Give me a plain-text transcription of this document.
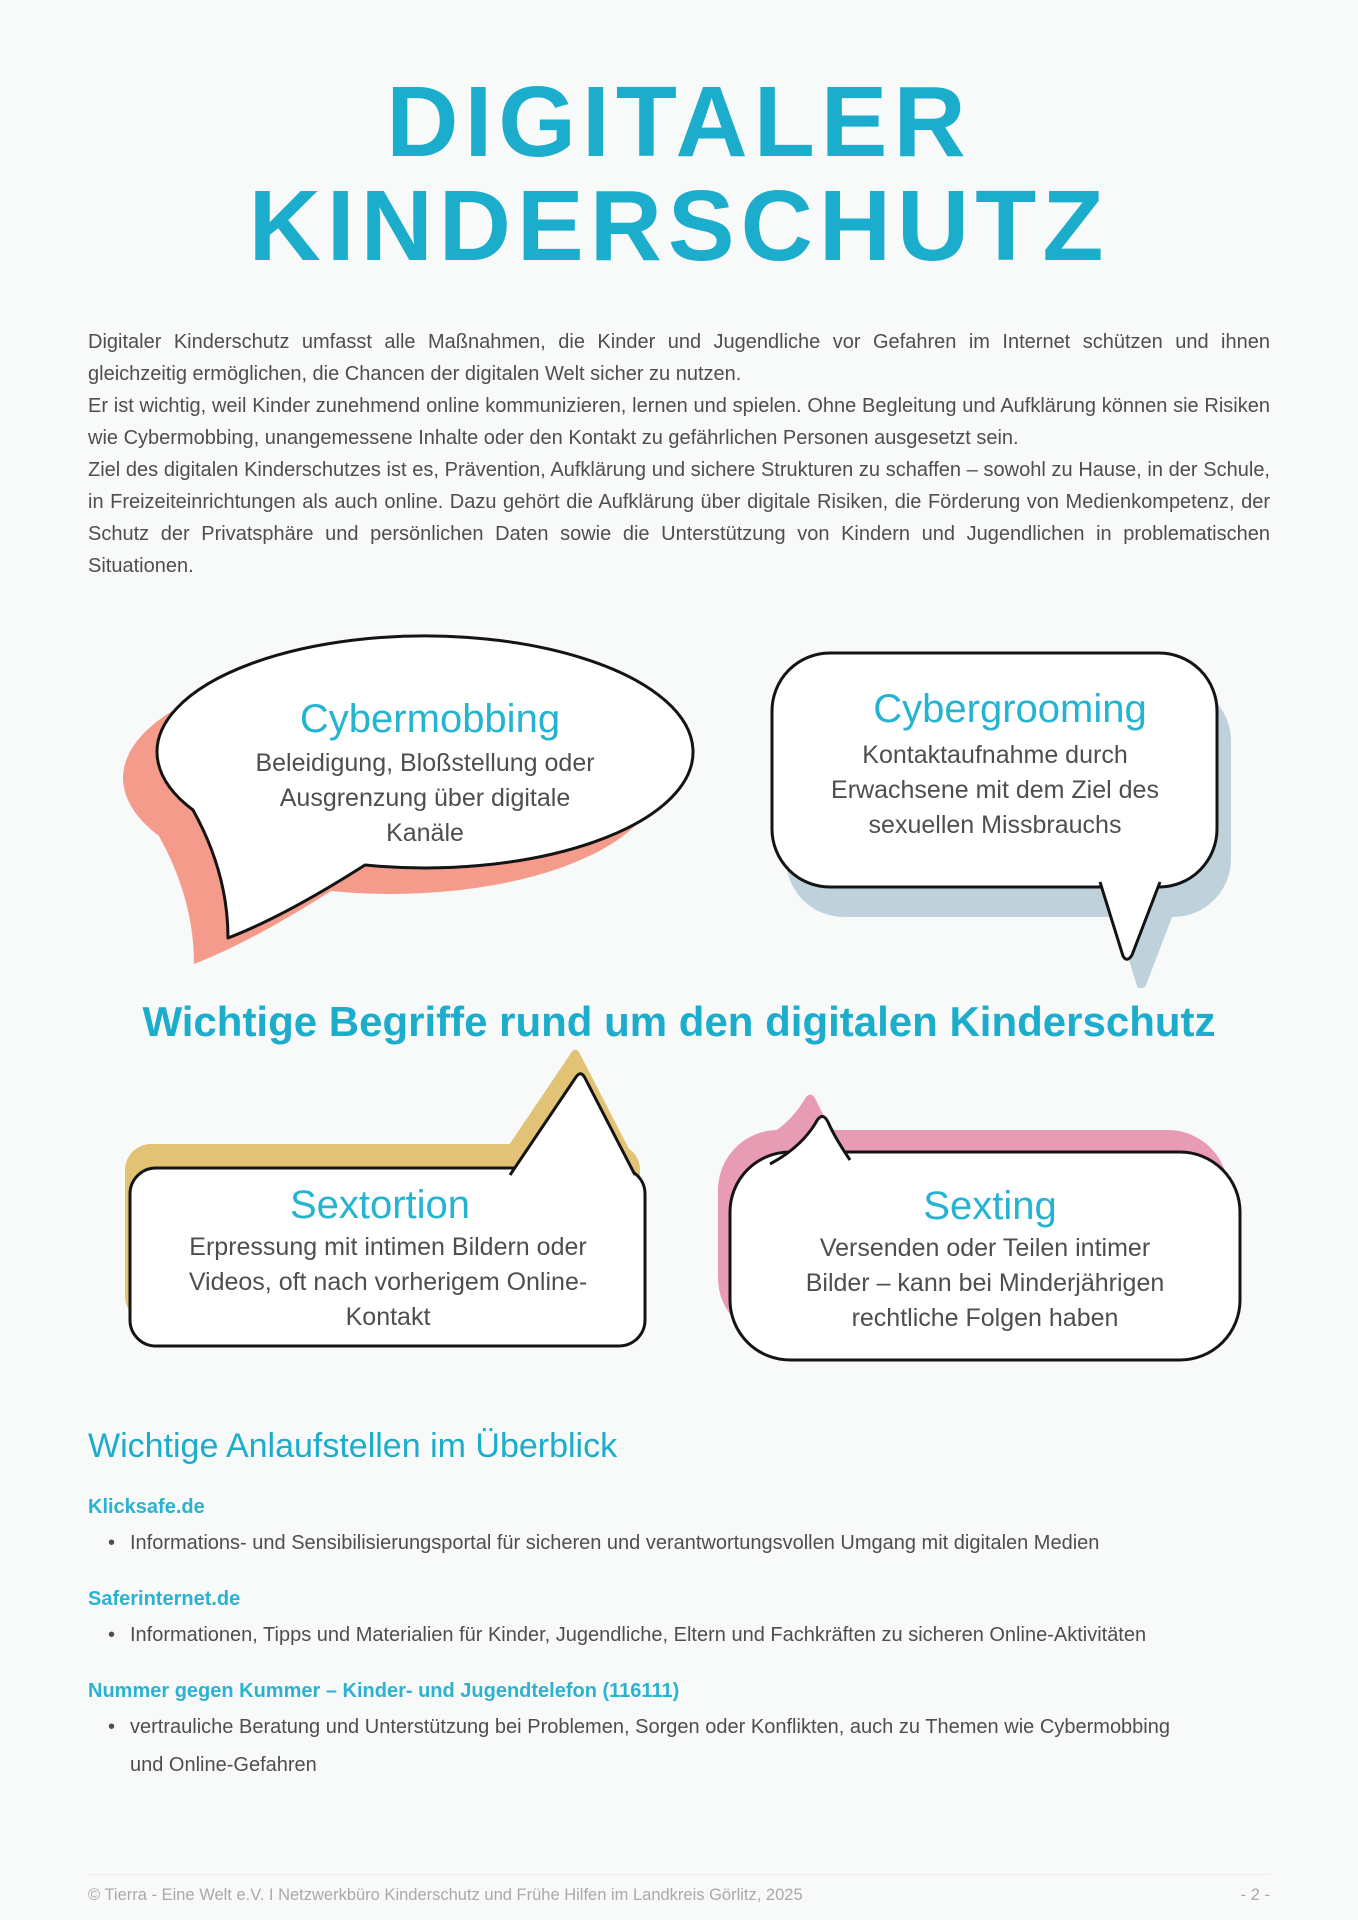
DIGITALER
KINDERSCHUTZ

Digitaler Kinderschutz umfasst alle Maßnahmen, die Kinder und Jugendliche vor Gefahren im Internet schützen und ihnen gleichzeitig ermöglichen, die Chancen der digitalen Welt sicher zu nutzen.

Er ist wichtig, weil Kinder zunehmend online kommunizieren, lernen und spielen. Ohne Begleitung und Aufklärung können sie Risiken wie Cybermobbing, unangemessene Inhalte oder den Kontakt zu gefährlichen Personen ausgesetzt sein.

Ziel des digitalen Kinderschutzes ist es, Prävention, Aufklärung und sichere Strukturen zu schaffen – sowohl zu Hause, in der Schule, in Freizeiteinrichtungen als auch online. Dazu gehört die Aufklärung über digitale Risiken, die Förderung von Medienkompetenz, der Schutz der Privatsphäre und persönlichen Daten sowie die Unterstützung von Kindern und Jugendlichen in problematischen Situationen.

Cybermobbing
Beleidigung, Bloßstellung oder Ausgrenzung über digitale Kanäle
Cybergrooming
Kontaktaufnahme durch Erwachsene mit dem Ziel des sexuellen Missbrauchs
Wichtige Begriffe rund um den digitalen Kinderschutz
Sextortion
Erpressung mit intimen Bildern oder Videos, oft nach vorherigem Online-Kontakt
Sexting
Versenden oder Teilen intimer Bilder – kann bei Minderjährigen rechtliche Folgen haben
Wichtige Anlaufstellen im Überblick
Klicksafe.de
• Informations- und Sensibilisierungsportal für sicheren und verantwortungsvollen Umgang mit digitalen Medien
Saferinternet.de
• Informationen, Tipps und Materialien für Kinder, Jugendliche, Eltern und Fachkräften zu sicheren Online-Aktivitäten
Nummer gegen Kummer – Kinder- und Jugendtelefon (116111)
• vertrauliche Beratung und Unterstützung bei Problemen, Sorgen oder Konflikten, auch zu Themen wie Cybermobbing und Online-Gefahren
© Tierra - Eine Welt e.V. I Netzwerkbüro Kinderschutz und Frühe Hilfen im Landkreis Görlitz, 2025	- 2 -
